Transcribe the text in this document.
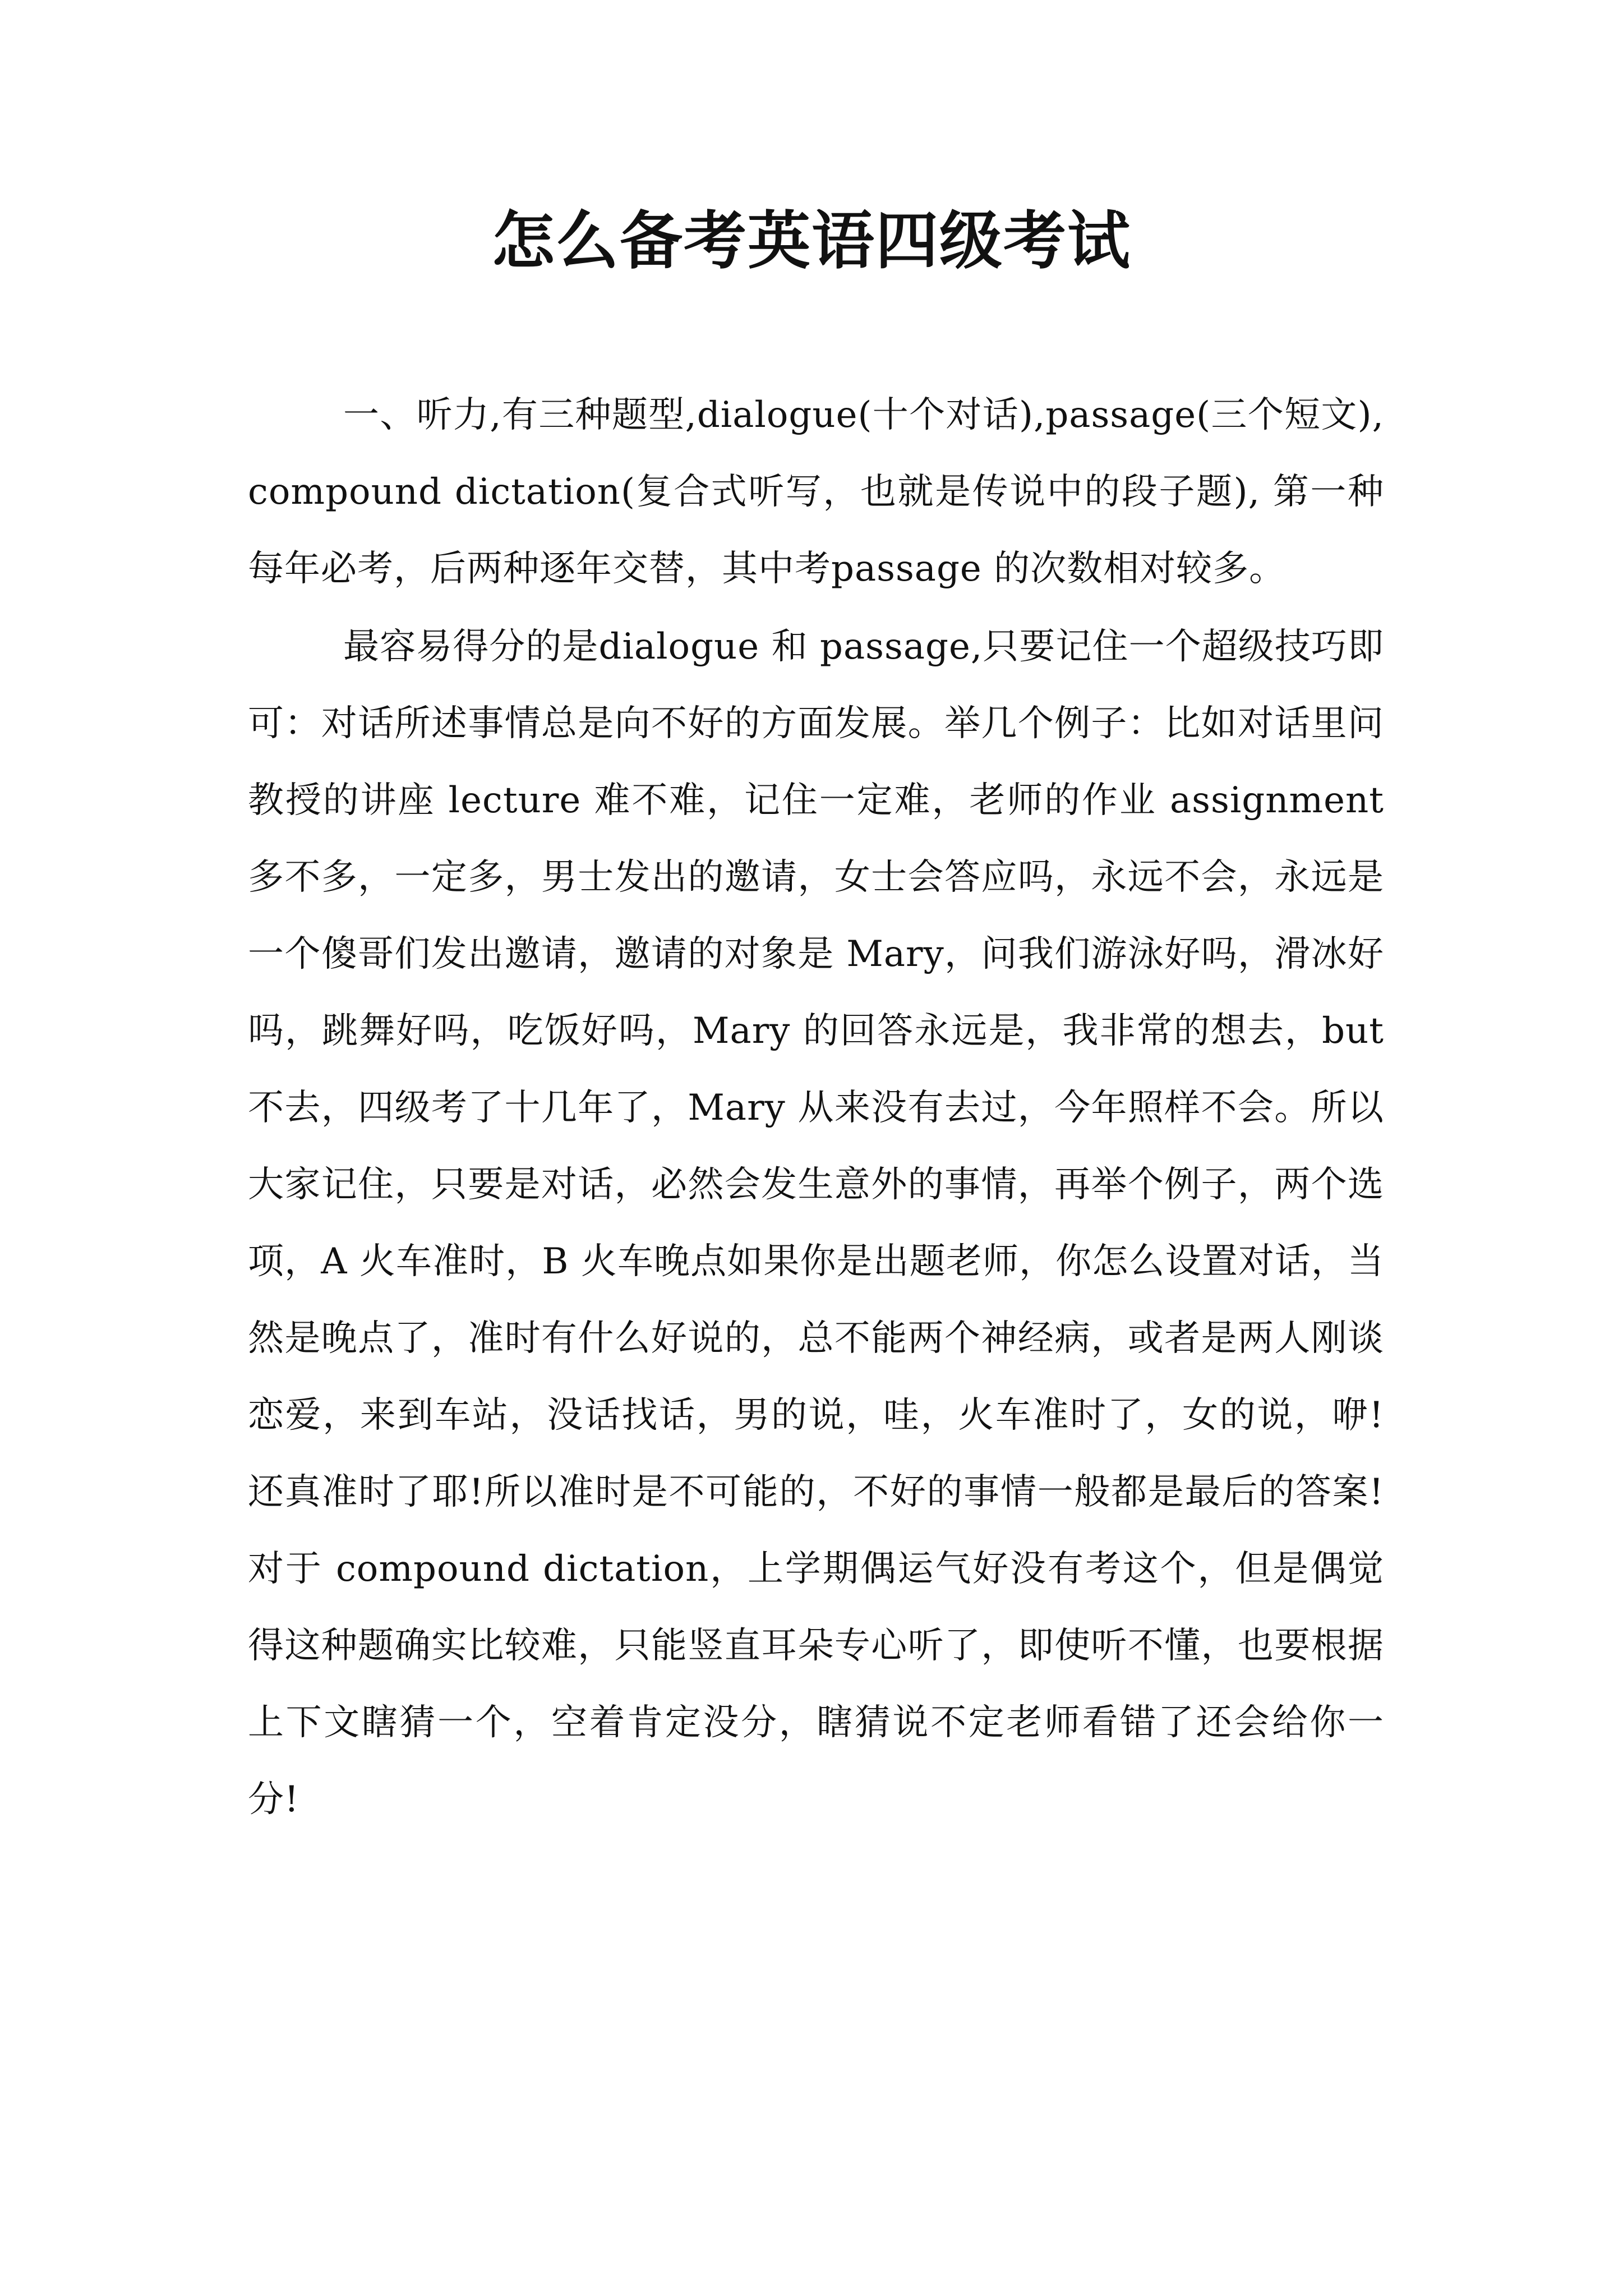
怎么备考英语四级考试

一、听力,有三种题型,dialogue(十个对话),passage(三个短文), compound dictation(复合式听写，也就是传说中的段子题), 第一种每年必考，后两种逐年交替，其中考passage 的次数相对较多。

最容易得分的是dialogue 和 passage,只要记住一个超级技巧即可：对话所述事情总是向不好的方面发展。举几个例子：比如对话里问教授的讲座 lecture 难不难，记住一定难，老师的作业 assignment 多不多，一定多，男士发出的邀请，女士会答应吗，永远不会，永远是一个傻哥们发出邀请，邀请的对象是 Mary，问我们游泳好吗，滑冰好吗，跳舞好吗，吃饭好吗，Mary 的回答永远是，我非常的想去，but不去，四级考了十几年了，Mary 从来没有去过，今年照样不会。所以大家记住，只要是对话，必然会发生意外的事情，再举个例子，两个选项，A 火车准时，B 火车晚点如果你是出题老师，你怎么设置对话，当然是晚点了，准时有什么好说的，总不能两个神经病，或者是两人刚谈恋爱，来到车站，没话找话，男的说，哇，火车准时了，女的说，咿!还真准时了耶!所以准时是不可能的，不好的事情一般都是最后的答案!对于 compound dictation，上学期偶运气好没有考这个，但是偶觉得这种题确实比较难，只能竖直耳朵专心听了，即使听不懂，也要根据上下文瞎猜一个，空着肯定没分，瞎猜说不定老师看错了还会给你一分!
